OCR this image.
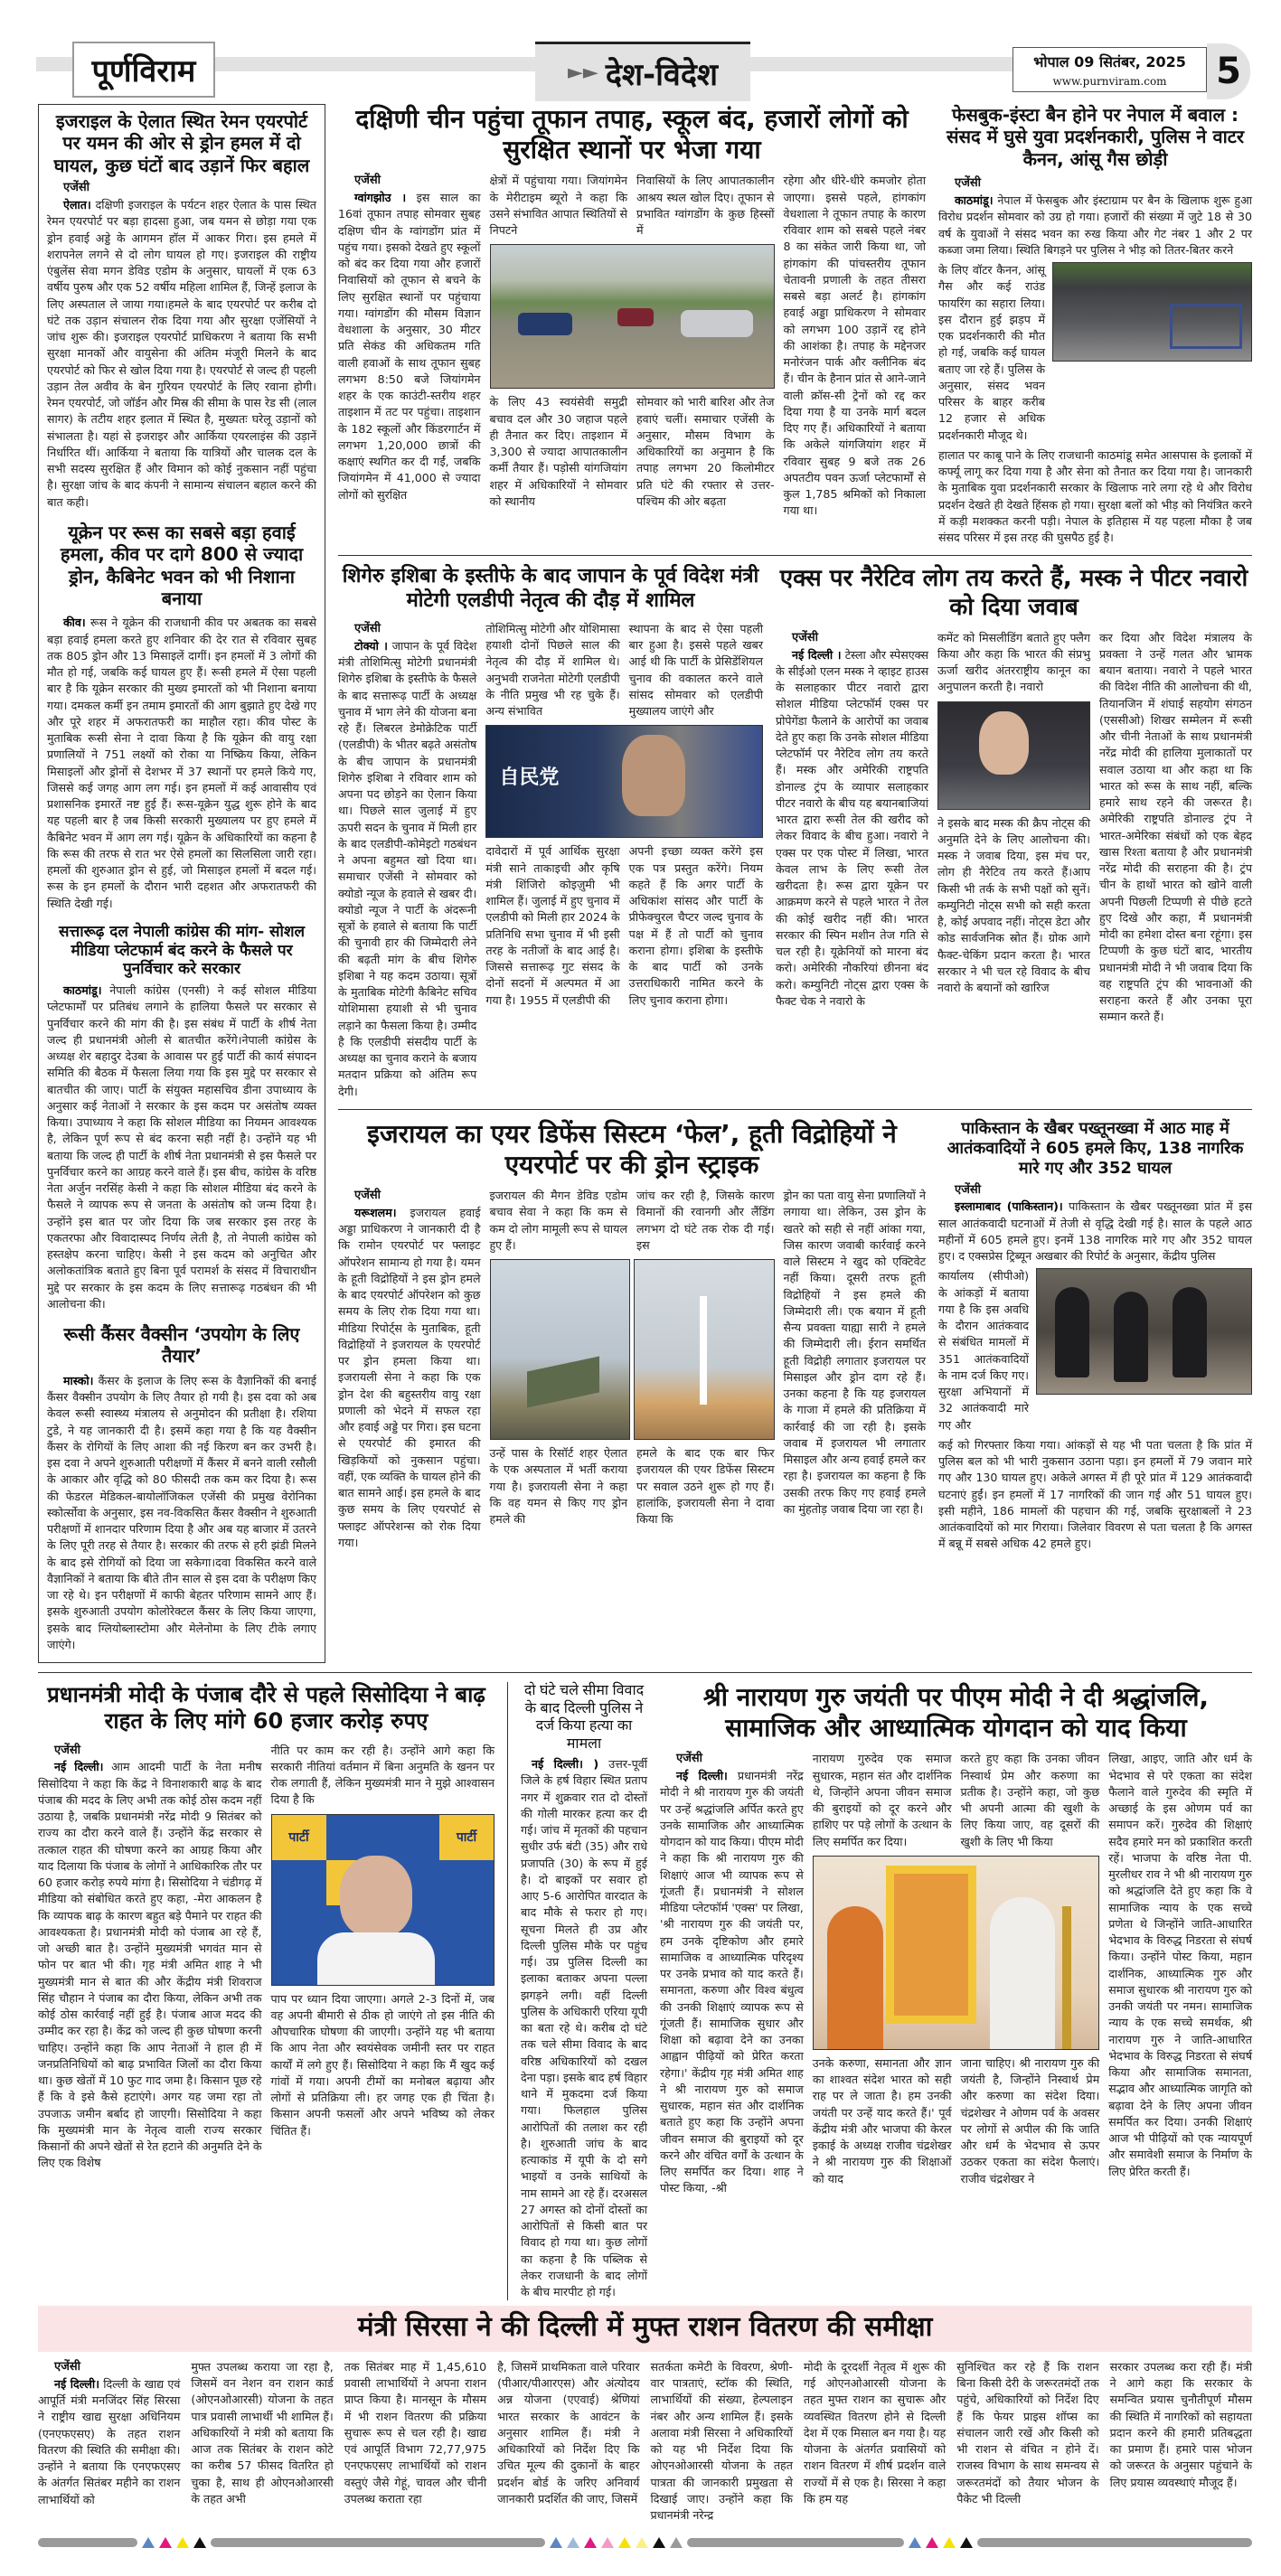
पूर्णविराम	►► देश-विदेश	भोपाल 09 सितंबर, 2025
www.purnviram.com	5
इजराइल के ऐलात स्थित रेमन एयरपोर्ट पर यमन की ओर से ड्रोन हमल में दो घायल, कुछ घंटों बाद उड़ानें फिर बहाल
एजेंसी

ऐलात। दक्षिणी इजराइल के पर्यटन शहर ऐलात के पास स्थित रेमन एयरपोर्ट पर बड़ा हादसा हुआ, जब यमन से छोड़ा गया एक ड्रोन हवाई अड्डे के आगमन हॉल में आकर गिरा। इस हमले में शरापनेल लगने से दो लोग घायल हो गए। इजराइल की राष्ट्रीय एंबुलेंस सेवा मगन डेविड एडोम के अनुसार, घायलों में एक 63 वर्षीय पुरुष और एक 52 वर्षीय महिला शामिल हैं, जिन्हें इलाज के लिए अस्पताल ले जाया गया।हमले के बाद एयरपोर्ट पर करीब दो घंटे तक उड़ान संचालन रोक दिया गया और सुरक्षा एजेंसियों ने जांच शुरू की। इजराइल एयरपोर्ट प्राधिकरण ने बताया कि सभी सुरक्षा मानकों और वायुसेना की अंतिम मंजूरी मिलने के बाद एयरपोर्ट को फिर से खोल दिया गया है। एयरपोर्ट से जल्द ही पहली उड़ान तेल अवीव के बेन गुरियन एयरपोर्ट के लिए रवाना होगी। रेमन एयरपोर्ट, जो जॉर्डन और मिस्र की सीमा के पास रेड सी (लाल सागर) के तटीय शहर इलात में स्थित है, मुख्यतः घरेलू उड़ानों को संभालता है। यहां से इजराइर और आर्किया एयरलाइंस की उड़ानें निर्धारित थीं। आर्किया ने बताया कि यात्रियों और चालक दल के सभी सदस्य सुरक्षित हैं और विमान को कोई नुकसान नहीं पहुंचा है। सुरक्षा जांच के बाद कंपनी ने सामान्य संचालन बहाल करने की बात कही।

यूक्रेन पर रूस का सबसे बड़ा हवाई हमला, कीव पर दागे 800 से ज्यादा ड्रोन, कैबिनेट भवन को भी निशाना बनाया

कीव। रूस ने यूक्रेन की राजधानी कीव पर अबतक का सबसे बड़ा हवाई हमला करते हुए शनिवार की देर रात से रविवार सुबह तक 805 ड्रोन और 13 मिसाइलें दागीं। इन हमलों में 3 लोगों की मौत हो गई, जबकि कई घायल हुए हैं। रूसी हमले में ऐसा पहली बार है कि यूक्रेन सरकार की मुख्य इमारतों को भी निशाना बनाया गया। दमकल कर्मी इन तमाम इमारतों की आग बुझाते हुए देखे गए और पूरे शहर में अफरातफरी का माहौल रहा। कीव पोस्ट के मुताबिक रूसी सेना ने दावा किया है कि यूक्रेन की वायु रक्षा प्रणालियों ने 751 लक्ष्यों को रोका या निष्क्रिय किया, लेकिन मिसाइलों और ड्रोनों से देशभर में 37 स्थानों पर हमले किये गए, जिससे कई जगह आग लग गई। इन हमलों में कई आवासीय एवं प्रशासनिक इमारतें नष्ट हुई हैं। रूस-यूक्रेन युद्ध शुरू होने के बाद यह पहली बार है जब किसी सरकारी मुख्यालय पर हुए हमले में कैबिनेट भवन में आग लग गई। यूक्रेन के अधिकारियों का कहना है कि रूस की तरफ से रात भर ऐसे हमलों का सिलसिला जारी रहा। हमलों की शुरुआत ड्रोन से हुई, जो मिसाइल हमलों में बदल गई। रूस के इन हमलों के दौरान भारी दहशत और अफरातफरी की स्थिति देखी गई।

सत्तारूढ़ दल नेपाली कांग्रेस की मांग- सोशल मीडिया प्लेटफार्म बंद करने के फैसले पर पुनर्विचार करे सरकार

काठमांडू। नेपाली कांग्रेस (एनसी) ने कई सोशल मीडिया प्लेटफार्मों पर प्रतिबंध लगाने के हालिया फैसले पर सरकार से पुनर्विचार करने की मांग की है। इस संबंध में पार्टी के शीर्ष नेता जल्द ही प्रधानमंत्री ओली से बातचीत करेंगे।नेपाली कांग्रेस के अध्यक्ष शेर बहादुर देउबा के आवास पर हुई पार्टी की कार्य संपादन समिति की बैठक में फैसला लिया गया कि इस मुद्दे पर सरकार से बातचीत की जाए। पार्टी के संयुक्त महासचिव डीना उपाध्याय के अनुसार कई नेताओं ने सरकार के इस कदम पर असंतोष व्यक्त किया। उपाध्याय ने कहा कि सोशल मीडिया का नियमन आवश्यक है, लेकिन पूर्ण रूप से बंद करना सही नहीं है। उन्होंने यह भी बताया कि जल्द ही पार्टी के शीर्ष नेता प्रधानमंत्री से इस फैसले पर पुनर्विचार करने का आग्रह करने वाले हैं। इस बीच, कांग्रेस के वरिष्ठ नेता अर्जुन नरसिंह केसी ने कहा कि सोशल मीडिया बंद करने के फैसले ने व्यापक रूप से जनता के असंतोष को जन्म दिया है। उन्होंने इस बात पर जोर दिया कि जब सरकार इस तरह के एकतरफा और विवादास्पद निर्णय लेती है, तो नेपाली कांग्रेस को हस्तक्षेप करना चाहिए। केसी ने इस कदम को अनुचित और अलोकतांत्रिक बताते हुए बिना पूर्व परामर्श के संसद में विचाराधीन मुद्दे पर सरकार के इस कदम के लिए सत्तारूढ़ गठबंधन की भी आलोचना की।

रूसी कैंसर वैक्सीन ‘उपयोग के लिए तैयार’

मास्को। कैंसर के इलाज के लिए रूस के वैज्ञानिकों की बनाई कैंसर वैक्सीन उपयोग के लिए तैयार हो गयी है। इस दवा को अब केवल रूसी स्वास्थ्य मंत्रालय से अनुमोदन की प्रतीक्षा है। रशिया टुडे, ने यह जानकारी दी है। इसमें कहा गया है कि यह वैक्सीन कैंसर के रोगियों के लिए आशा की नई किरण बन कर उभरी है। इस दवा ने अपने शुरुआती परीक्षणों में कैंसर में बनने वाली रसौली के आकार और वृद्धि को 80 फीसदी तक कम कर दिया है। रूस की फेडरल मेडिकल-बायोलॉजिकल एजेंसी की प्रमुख वेरोनिका स्कोर्त्सोवा के अनुसार, इस नव-विकसित कैंसर वैक्सीन ने शुरुआती परीक्षणों में शानदार परिणाम दिया है और अब यह बाजार में उतरने के लिए पूरी तरह से तैयार है। सरकार की तरफ से हरी झंडी मिलने के बाद इसे रोगियों को दिया जा सकेगा।दवा विकसित करने वाले वैज्ञानिकों ने बताया कि बीते तीन साल से इस दवा के परीक्षण किए जा रहे थे। इन परीक्षणों में काफी बेहतर परिणाम सामने आए हैं। इसके शुरुआती उपयोग कोलोरेक्टल कैंसर के लिए किया जाएगा, इसके बाद ग्लियोब्लास्टोमा और मेलेनोमा के लिए टीके लगाए जाएंगे।

दक्षिणी चीन पहुंचा तूफान तपाह, स्कूल बंद, हजारों लोगों को सुरक्षित स्थानों पर भेजा गया
एजेंसी

ग्वांगझोउ । इस साल का 16वां तूफान तपाह सोमवार सुबह दक्षिण चीन के ग्वांगडोंग प्रांत में पहुंच गया। इसको देखते हुए स्कूलों को बंद कर दिया गया और हजारों निवासियों को तूफान से बचने के लिए सुरक्षित स्थानों पर पहुंचाया गया। ग्वांगडोंग की मौसम विज्ञान वेधशाला के अनुसार, 30 मीटर प्रति सेकंड की अधिकतम गति वाली हवाओं के साथ तूफान सुबह लगभग 8:50 बजे जियांगमेन शहर के एक काउंटी-स्तरीय शहर ताइशान में तट पर पहुंचा। ताइशान के 182 स्कूलों और किंडरगार्टन में लगभग 1,20,000 छात्रों की कक्षाएं स्थगित कर दी गईं, जबकि जियांगमेन में 41,000 से ज्यादा लोगों को सुरक्षित

क्षेत्रों में पहुंचाया गया। जियांगमेन के मेरीटाइम ब्यूरो ने कहा कि उसने संभावित आपात स्थितियों से निपटने
निवासियों के लिए आपातकालीन आश्रय स्थल खोल दिए। तूफान से प्रभावित ग्वांगडोंग के कुछ हिस्सों में
के लिए 43 स्वयंसेवी समुद्री बचाव दल और 30 जहाज पहले ही तैनात कर दिए। ताइशान में 3,300 से ज्यादा आपातकालीन कर्मी तैयार हैं। पड़ोसी यांगजियांग शहर में अधिकारियों ने सोमवार को स्थानीय
सोमवार को भारी बारिश और तेज हवाएं चलीं। समाचार एजेंसी के अनुसार, मौसम विभाग के अधिकारियों का अनुमान है कि तपाह लगभग 20 किलोमीटर प्रति घंटे की रफ्तार से उत्तर-पश्चिम की ओर बढ़ता
रहेगा और धीरे-धीरे कमजोर होता जाएगा। इससे पहले, हांगकांग वेधशाला ने तूफान तपाह के कारण रविवार शाम को सबसे पहले नंबर 8 का संकेत जारी किया था, जो हांगकांग की पांचस्तरीय तूफान चेतावनी प्रणाली के तहत तीसरा सबसे बड़ा अलर्ट है। हांगकांग हवाई अड्डा प्राधिकरण ने सोमवार को लगभग 100 उड़ानें रद्द होने की आशंका है। तपाह के मद्देनजर मनोरंजन पार्क और क्लीनिक बंद हैं। चीन के हैनान प्रांत से आने-जाने वाली क्रॉस-सी ट्रेनों को रद्द कर दिया गया है या उनके मार्ग बदल दिए गए हैं। अधिकारियों ने बताया कि अकेले यांगजियांग शहर में रविवार सुबह 9 बजे तक 26 अपतटीय पवन ऊर्जा प्लेटफार्मों से कुल 1,785 श्रमिकों को निकाला गया था।
फेसबुक-इंस्टा बैन होने पर नेपाल में बवाल : संसद में घुसे युवा प्रदर्शनकारी, पुलिस ने वाटर कैनन, आंसू गैस छोड़ी
एजेंसी

काठमांडू। नेपाल में फेसबुक और इंस्टाग्राम पर बैन के खिलाफ शुरू हुआ विरोध प्रदर्शन सोमवार को उग्र हो गया। हजारों की संख्या में जुटे 18 से 30 वर्ष के युवाओं ने संसद भवन का रुख किया और गेट नंबर 1 और 2 पर कब्जा जमा लिया। स्थिति बिगड़ने पर पुलिस ने भीड़ को तितर-बितर करने

के लिए वॉटर कैनन, आंसू गैस और कई राउंड फायरिंग का सहारा लिया। इस दौरान हुई झड़प में एक प्रदर्शनकारी की मौत हो गई, जबकि कई घायल बताए जा रहे हैं। पुलिस के अनुसार, संसद भवन परिसर के बाहर करीब 12 हजार से अधिक प्रदर्शनकारी मौजूद थे।
हालात पर काबू पाने के लिए राजधानी काठमांडू समेत आसपास के इलाकों में कर्फ्यू लागू कर दिया गया है और सेना को तैनात कर दिया गया है। जानकारी के मुताबिक युवा प्रदर्शनकारी सरकार के खिलाफ नारे लगा रहे थे और विरोध प्रदर्शन देखते ही देखते हिंसक हो गया। सुरक्षा बलों को भीड़ को नियंत्रित करने में कड़ी मशक्कत करनी पड़ी। नेपाल के इतिहास में यह पहला मौका है जब संसद परिसर में इस तरह की घुसपैठ हुई है।
शिगेरु इशिबा के इस्तीफे के बाद जापान के पूर्व विदेश मंत्री मोटेगी एलडीपी नेतृत्व की दौड़ में शामिल
एजेंसी

टोक्यो । जापान के पूर्व विदेश मंत्री तोशिमित्सु मोटेगी प्रधानमंत्री शिगेरु इशिबा के इस्तीफे के फैसले के बाद सत्तारूढ़ पार्टी के अध्यक्ष चुनाव में भाग लेने की योजना बना रहे हैं। लिबरल डेमोक्रेटिक पार्टी (एलडीपी) के भीतर बढ़ते असंतोष के बीच जापान के प्रधानमंत्री शिगेरु इशिबा ने रविवार शाम को अपना पद छोड़ने का ऐलान किया था। पिछले साल जुलाई में हुए ऊपरी सदन के चुनाव में मिली हार के बाद एलडीपी-कोमेइटो गठबंधन ने अपना बहुमत खो दिया था। समाचार एजेंसी ने सोमवार को क्योडो न्यूज के हवाले से खबर दी। क्योडो न्यूज ने पार्टी के अंदरूनी सूत्रों के हवाले से बताया कि पार्टी की चुनावी हार की जिम्मेदारी लेने की बढ़ती मांग के बीच शिगेरु इशिबा ने यह कदम उठाया। सूत्रों के मुताबिक मोटेगी कैबिनेट सचिव योशिमासा हयाशी से भी चुनाव लड़ाने का फैसला किया है। उम्मीद है कि एलडीपी संसदीय पार्टी के अध्यक्ष का चुनाव कराने के बजाय मतदान प्रक्रिया को अंतिम रूप देगी।

तोशिमित्सु मोटेगी और योशिमासा हयाशी दोनों पिछले साल की नेतृत्व की दौड़ में शामिल थे। अनुभवी राजनेता मोटेगी एलडीपी के नीति प्रमुख भी रह चुके हैं। अन्य संभावित
स्थापना के बाद से ऐसा पहली बार हुआ है। इससे पहले खबर आई थी कि पार्टी के प्रेसिडेंशियल चुनाव की वकालत करने वाले सांसद सोमवार को एलडीपी मुख्यालय जाएंगे और
自民党
दावेदारों में पूर्व आर्थिक सुरक्षा मंत्री साने ताकाइची और कृषि मंत्री शिंजिरो कोइज़ुमी भी शामिल हैं। जुलाई में हुए चुनाव में एलडीपी को मिली हार 2024 के प्रतिनिधि सभा चुनाव में भी इसी तरह के नतीजों के बाद आई है। जिससे सत्तारूढ़ गुट संसद के दोनों सदनों में अल्पमत में आ गया है। 1955 में एलडीपी की
अपनी इच्छा व्यक्त करेंगे इस एक पत्र प्रस्तुत करेंगे। नियम कहते हैं कि अगर पार्टी के अधिकांश सांसद और पार्टी के प्रीफेक्चुरल चैप्टर जल्द चुनाव के पक्ष में हैं तो पार्टी को चुनाव कराना होगा। इशिबा के इस्तीफे के बाद पार्टी को उनके उत्तराधिकारी नामित करने के लिए चुनाव कराना होगा।
एक्स पर नैरेटिव लोग तय करते हैं, मस्क ने पीटर नवारो को दिया जवाब
एजेंसी

नई दिल्ली । टेस्ला और स्पेसएक्स के सीईओ एलन मस्क ने व्हाइट हाउस के सलाहकार पीटर नवारो द्वारा सोशल मीडिया प्लेटफॉर्म एक्स पर प्रोपेगेंडा फैलाने के आरोपों का जवाब देते हुए कहा कि उनके सोशल मीडिया प्लेटफॉर्म पर नैरेटिव लोग तय करते हैं। मस्क और अमेरिकी राष्ट्रपति डोनाल्ड ट्रंप के व्यापार सलाहकार पीटर नवारो के बीच यह बयानबाजियां भारत द्वारा रूसी तेल की खरीद को लेकर विवाद के बीच हुआ। नवारो ने एक्स पर एक पोस्ट में लिखा, भारत केवल लाभ के लिए रूसी तेल खरीदता है। रूस द्वारा यूक्रेन पर आक्रमण करने से पहले भारत ने तेल की कोई खरीद नहीं की। भारत सरकार की स्पिन मशीन तेज गति से चल रही है। यूक्रेनियों को मारना बंद करो। अमेरिकी नौकरियां छीनना बंद करो। कम्युनिटी नोट्स द्वारा एक्स के फैक्ट चेक ने नवारो के

कमेंट को मिसलीडिंग बताते हुए फ्लैग किया और कहा कि भारत की संप्रभु ऊर्जा खरीद अंतरराष्ट्रीय कानून का अनुपालन करती है। नवारो
ने इसके बाद मस्क की क्रैप नोट्स की अनुमति देने के लिए आलोचना की।मस्क ने जवाब दिया, इस मंच पर, लोग ही नैरेटिव तय करते हैं।आप किसी भी तर्क के सभी पक्षों को सुनें। कम्युनिटी नोट्स सभी को सही करता है, कोई अपवाद नहीं। नोट्स डेटा और कोड सार्वजनिक स्रोत हैं। ग्रोक आगे फैक्ट-चेकिंग प्रदान करता है। भारत सरकार ने भी चल रहे विवाद के बीच नवारो के बयानों को खारिज
कर दिया और विदेश मंत्रालय के प्रवक्ता ने उन्हें गलत और भ्रामक बयान बताया। नवारो ने पहले भारत की विदेश नीति की आलोचना की थी, तियानजिन में शंघाई सहयोग संगठन (एससीओ) शिखर सम्मेलन में रूसी और चीनी नेताओं के साथ प्रधानमंत्री नरेंद्र मोदी की हालिया मुलाकातों पर सवाल उठाया था और कहा था कि भारत को रूस के साथ नहीं, बल्कि हमारे साथ रहने की जरूरत है। अमेरिकी राष्ट्रपति डोनाल्ड ट्रंप ने भारत-अमेरिका संबंधों को एक बेहद खास रिश्ता बताया है और प्रधानमंत्री नरेंद्र मोदी की सराहना की है। ट्रंप चीन के हाथों भारत को खोने वाली अपनी पिछली टिप्पणी से पीछे हटते हुए दिखे और कहा, मैं प्रधानमंत्री मोदी का हमेशा दोस्त बना रहूंगा। इस टिप्पणी के कुछ घंटों बाद, भारतीय प्रधानमंत्री मोदी ने भी जवाब दिया कि वह राष्ट्रपति ट्रंप की भावनाओं की सराहना करते हैं और उनका पूरा सम्मान करते हैं।
इजरायल का एयर डिफेंस सिस्टम ‘फेल’, हूती विद्रोहियों ने एयरपोर्ट पर की ड्रोन स्ट्राइक
एजेंसी

यरूशलम। इजरायल हवाई अड्डा प्राधिकरण ने जानकारी दी है कि रामोन एयरपोर्ट पर फ्लाइट ऑपरेशन सामान्य हो गया है। यमन के हूती विद्रोहियों ने इस ड्रोन हमले के बाद एयरपोर्ट ऑपरेशन को कुछ समय के लिए रोक दिया गया था। मीडिया रिपोर्ट्स के मुताबिक, हूती विद्रोहियों ने इजरायल के एयरपोर्ट पर ड्रोन हमला किया था। इजरायली सेना ने कहा कि एक ड्रोन देश की बहुस्तरीय वायु रक्षा प्रणाली को भेदने में सफल रहा और हवाई अड्डे पर गिरा। इस घटना से एयरपोर्ट की इमारत की खिड़कियों को नुकसान पहुंचा। वहीं, एक व्यक्ति के घायल होने की बात सामने आई। इस हमले के बाद कुछ समय के लिए एयरपोर्ट से फ्लाइट ऑपरेशन्स को रोक दिया गया।

इजरायल की मैगन डेविड एडोम बचाव सेवा ने कहा कि कम से कम दो लोग मामूली रूप से घायल हुए हैं।
जांच कर रही है, जिसके कारण विमानों की रवानगी और लैंडिंग लगभग दो घंटे तक रोक दी गई। इस
उन्हें पास के रिसॉर्ट शहर ऐलात के एक अस्पताल में भर्ती कराया गया है। इजरायली सेना ने कहा कि वह यमन से किए गए ड्रोन हमले की
हमले के बाद एक बार फिर इजरायल की एयर डिफेंस सिस्टम पर सवाल उठने शुरू हो गए हैं। हालांकि, इजरायली सेना ने दावा किया कि
ड्रोन का पता वायु सेना प्रणालियों ने लगाया था। लेकिन, उस ड्रोन के खतरे को सही से नहीं आंका गया, जिस कारण जवाबी कार्रवाई करने वाले सिस्टम ने खुद को एक्टिवेट नहीं किया। दूसरी तरफ हूती विद्रोहियों ने इस हमले की जिम्मेदारी ली। एक बयान में हूती सैन्य प्रवक्ता याह्या सारी ने हमले की जिम्मेदारी ली। ईरान समर्थित हूती विद्रोही लगातार इजरायल पर मिसाइल और ड्रोन दाग रहे हैं। उनका कहना है कि यह इजरायल के गाजा में हमले की प्रतिक्रिया में कार्रवाई की जा रही है। इसके जवाब में इजरायल भी लगातार मिसाइल और अन्य हवाई हमले कर रहा है। इजरायल का कहना है कि उसकी तरफ किए गए हवाई हमले का मुंहतोड़ जवाब दिया जा रहा है।
पाकिस्तान के खैबर पख्तूनख्वा में आठ माह में आतंकवादियों ने 605 हमले किए, 138 नागरिक मारे गए और 352 घायल
एजेंसी

इस्लामाबाद (पाकिस्तान)। पाकिस्तान के खैबर पख्तूनख्वा प्रांत में इस साल आतंकवादी घटनाओं में तेजी से वृद्धि देखी गई है। साल के पहले आठ महीनों में 605 हमले हुए। इनमें 138 नागरिक मारे गए और 352 घायल हुए। द एक्सप्रेस ट्रिब्यून अखबार की रिपोर्ट के अनुसार, केंद्रीय पुलिस

कार्यालय (सीपीओ) के आंकड़ों में बताया गया है कि इस अवधि के दौरान आतंकवाद से संबंधित मामलों में 351 आतंकवादियों के नाम दर्ज किए गए। सुरक्षा अभियानों में 32 आतंकवादी मारे गए और
कई को गिरफ्तार किया गया। आंकड़ों से यह भी पता चलता है कि प्रांत में पुलिस बल को भी भारी नुकसान उठाना पड़ा। इन हमलों में 79 जवान मारे गए और 130 घायल हुए। अकेले अगस्त में ही पूरे प्रांत में 129 आतंकवादी घटनाएं हुईं। इन हमलों में 17 नागरिकों की जान गई और 51 घायल हुए। इसी महीने, 186 मामलों की पहचान की गई, जबकि सुरक्षाबलों ने 23 आतंकवादियों को मार गिराया। जिलेवार विवरण से पता चलता है कि अगस्त में बन्नू में सबसे अधिक 42 हमले हुए।
प्रधानमंत्री मोदी के पंजाब दौरे से पहले सिसोदिया ने बाढ़ राहत के लिए मांगे 60 हजार करोड़ रुपए
एजेंसी

नई दिल्ली। आम आदमी पार्टी के नेता मनीष सिसोदिया ने कहा कि केंद्र ने विनाशकारी बाढ़ के बाद पंजाब की मदद के लिए अभी तक कोई ठोस कदम नहीं उठाया है, जबकि प्रधानमंत्री नरेंद्र मोदी 9 सितंबर को राज्य का दौरा करने वाले हैं। उन्होंने केंद्र सरकार से तत्काल राहत की घोषणा करने का आग्रह किया और याद दिलाया कि पंजाब के लोगों ने आधिकारिक तौर पर 60 हजार करोड़ रुपये मांगा है। सिसोदिया ने चंडीगढ़ में मीडिया को संबोधित करते हुए कहा, -मेरा आकलन है कि व्यापक बाढ़ के कारण बहुत बड़े पैमाने पर राहत की आवश्यकता है। प्रधानमंत्री मोदी को पंजाब आ रहे हैं, जो अच्छी बात है। उन्होंने मुख्यमंत्री भगवंत मान से फोन पर बात भी की। गृह मंत्री अमित शाह ने भी मुख्यमंत्री मान से बात की और केंद्रीय मंत्री शिवराज सिंह चौहान ने पंजाब का दौरा किया, लेकिन अभी तक कोई ठोस कार्रवाई नहीं हुई है। पंजाब आज मदद की उम्मीद कर रहा है। केंद्र को जल्द ही कुछ घोषणा करनी चाहिए। उन्होंने कहा कि आप नेताओं ने हाल ही में जनप्रतिनिधियों को बाढ़ प्रभावित जिलों का दौरा किया था। कुछ खेतों में 10 फुट गाद जमा है। किसान पूछ रहे हैं कि वे इसे कैसे हटाएंगे। अगर यह जमा रहा तो उपजाऊ जमीन बर्बाद हो जाएगी। सिसोदिया ने कहा कि मुख्यमंत्री मान के नेतृत्व वाली राज्य सरकार किसानों की अपने खेतों से रेत हटाने की अनुमति देने के लिए एक विशेष

नीति पर काम कर रही है। उन्होंने आगे कहा कि सरकारी नीतियां वर्तमान में बिना अनुमति के खनन पर रोक लगाती हैं, लेकिन मुख्यमंत्री मान ने मुझे आश्वासन दिया है कि
पार्टी	पार्टी
पाप पर ध्यान दिया जाएगा। अगले 2-3 दिनों में, जब वह अपनी बीमारी से ठीक हो जाएंगे तो इस नीति की औपचारिक घोषणा की जाएगी। उन्होंने यह भी बताया कि आप नेता और स्वयंसेवक जमीनी स्तर पर राहत कार्यों में लगे हुए हैं। सिसोदिया ने कहा कि मैं खुद कई गांवों में गया। अपनी टीमों का मनोबल बढ़ाया और लोगों से प्रतिक्रिया ली। हर जगह एक ही चिंता है। किसान अपनी फसलों और अपने भविष्य को लेकर चिंतित हैं।
दो घंटे चले सीमा विवाद के बाद दिल्ली पुलिस ने दर्ज किया हत्या का मामला

नई दिल्ली। ) उत्तर-पूर्वी जिले के हर्ष विहार स्थित प्रताप नगर में शुक्रवार रात दो दोस्तों की गोली मारकर हत्या कर दी गई। जांच में मृतकों की पहचान सुधीर उर्फ बंटी (35) और राधे प्रजापति (30) के रूप में हुई है। दो बाइकों पर सवार हो आए 5-6 आरोपित वारदात के बाद मौके से फरार हो गए। सूचना मिलते ही उप्र और दिल्ली पुलिस मौके पर पहुंच गई। उप्र पुलिस दिल्ली का इलाका बताकर अपना पल्ला झगड़ने लगी। वहीं दिल्ली पुलिस के अधिकारी एरिया यूपी का बता रहे थे। करीब दो घंटे तक चले सीमा विवाद के बाद वरिष्ठ अधिकारियों को दखल देना पड़ा। इसके बाद हर्ष विहार थाने में मुकदमा दर्ज किया गया। फिलहाल पुलिस आरोपितों की तलाश कर रही है। शुरुआती जांच के बाद हत्याकांड में यूपी के दो सगे भाइयों व उनके साथियों के नाम सामने आ रहे हैं। दरअसल 27 अगस्त को दोनों दोस्तों का आरोपितों से किसी बात पर विवाद हो गया था। कुछ लोगों का कहना है कि पब्लिक से लेकर राजधानी के बाद लोगों के बीच मारपीट हो गई।

श्री नारायण गुरु जयंती पर पीएम मोदी ने दी श्रद्धांजलि, सामाजिक और आध्यात्मिक योगदान को याद किया
एजेंसी

नई दिल्ली। प्रधानमंत्री नरेंद्र मोदी ने श्री नारायण गुरु की जयंती पर उन्हें श्रद्धांजलि अर्पित करते हुए उनके सामाजिक और आध्यात्मिक योगदान को याद किया। पीएम मोदी ने कहा कि श्री नारायण गुरु की शिक्षाएं आज भी व्यापक रूप से गूंजती हैं। प्रधानमंत्री ने सोशल मीडिया प्लेटफॉर्म 'एक्स' पर लिखा, 'श्री नारायण गुरु की जयंती पर, हम उनके दृष्टिकोण और हमारे सामाजिक व आध्यात्मिक परिदृश्य पर उनके प्रभाव को याद करते हैं। समानता, करुणा और विश्व बंधुत्व की उनकी शिक्षाएं व्यापक रूप से गूंजती हैं। सामाजिक सुधार और शिक्षा को बढ़ावा देने का उनका आह्वान पीढ़ियों को प्रेरित करता रहेगा।' केंद्रीय गृह मंत्री अमित शाह ने श्री नारायण गुरु को समाज सुधारक, महान संत और दार्शनिक बताते हुए कहा कि उन्होंने अपना जीवन समाज की बुराइयों को दूर करने और वंचित वर्गों के उत्थान के लिए समर्पित कर दिया। शाह ने पोस्ट किया, -श्री

नारायण गुरुदेव एक समाज सुधारक, महान संत और दार्शनिक थे, जिन्होंने अपना जीवन समाज की बुराइयों को दूर करने और हाशिए पर पड़े लोगों के उत्थान के लिए समर्पित कर दिया।
करते हुए कहा कि उनका जीवन निस्वार्थ प्रेम और करुणा का प्रतीक है। उन्होंने कहा, जो कुछ भी अपनी आत्मा की खुशी के लिए किया जाए, वह दूसरों की खुशी के लिए भी किया
उनके करुणा, समानता और ज्ञान का शाश्वत संदेश भारत को सही राह पर ले जाता है। हम उनकी जयंती पर उन्हें याद करते हैं।' पूर्व केंद्रीय मंत्री और भाजपा की केरल इकाई के अध्यक्ष राजीव चंद्रशेखर ने श्री नारायण गुरु की शिक्षाओं को याद
जाना चाहिए। श्री नारायण गुरु की जयंती है, जिन्होंने निस्वार्थ प्रेम और करुणा का संदेश दिया। चंद्रशेखर ने ओणम पर्व के अवसर पर लोगों से अपील की कि जाति और धर्म के भेदभाव से ऊपर उठकर एकता का संदेश फैलाएं। राजीव चंद्रशेखर ने
लिखा, आइए, जाति और धर्म के भेदभाव से परे एकता का संदेश फैलाने वाले गुरुदेव की स्मृति में अच्छाई के इस ओणम पर्व का समापन करें। गुरुदेव की शिक्षाएं सदैव हमारे मन को प्रकाशित करती रहें। भाजपा के वरिष्ठ नेता पी. मुरलीधर राव ने भी श्री नारायण गुरु को श्रद्धांजलि देते हुए कहा कि वे सामाजिक न्याय के एक सच्चे प्रणेता थे जिन्होंने जाति-आधारित भेदभाव के विरुद्ध निडरता से संघर्ष किया। उन्होंने पोस्ट किया, महान दार्शनिक, आध्यात्मिक गुरु और समाज सुधारक श्री नारायण गुरु को उनकी जयंती पर नमन। सामाजिक न्याय के एक सच्चे समर्थक, श्री नारायण गुरु ने जाति-आधारित भेदभाव के विरुद्ध निडरता से संघर्ष किया और सामाजिक समानता, सद्भाव और आध्यात्मिक जागृति को बढ़ावा देने के लिए अपना जीवन समर्पित कर दिया। उनकी शिक्षाएं आज भी पीढ़ियों को एक न्यायपूर्ण और समावेशी समाज के निर्माण के लिए प्रेरित करती हैं।
मंत्री सिरसा ने की दिल्ली में मुफ्त राशन वितरण की समीक्षा
एजेंसी

नई दिल्ली। दिल्ली के खाद्य एवं आपूर्ति मंत्री मनजिंदर सिंह सिरसा ने राष्ट्रीय खाद्य सुरक्षा अधिनियम (एनएफएसए) के तहत राशन वितरण की स्थिति की समीक्षा की। उन्होंने ने बताया कि एनएफएसए के अंतर्गत सितंबर महीने का राशन लाभार्थियों को

मुफ्त उपलब्ध कराया जा रहा है, जिसमें वन नेशन वन राशन कार्ड (ओएनओआरसी) योजना के तहत पात्र प्रवासी लाभार्थी भी शामिल हैं। अधिकारियों ने मंत्री को बताया कि आज तक सितंबर के राशन कोटे का करीब 57 फीसद वितरित हो चुका है, साथ ही ओएनओआरसी के तहत अभी
तक सितंबर माह में 1,45,610 प्रवासी लाभार्थियों ने अपना राशन प्राप्त किया है। मानसून के मौसम में भी राशन वितरण की प्रक्रिया सुचारू रूप से चल रही है। खाद्य एवं आपूर्ति विभाग 72,77,975 एनएफएसए लाभार्थियों को राशन वस्तुएं जैसे गेहूं, चावल और चीनी उपलब्ध कराता रहा
है, जिसमें प्राथमिकता वाले परिवार (पीआर/पीआरएस) और अंत्योदय अन्न योजना (एएवाई) श्रेणियां भारत सरकार के आवंटन के अनुसार शामिल हैं। मंत्री ने अधिकारियों को निर्देश दिए कि उचित मूल्य की दुकानों के बाहर प्रदर्शन बोर्ड के जरिए अनिवार्य जानकारी प्रदर्शित की जाए, जिसमें
सतर्कता कमेटी के विवरण, श्रेणी-वार पात्रताएं, स्टॉक की स्थिति, लाभार्थियों की संख्या, हेल्पलाइन नंबर और अन्य शामिल हैं। इसके अलावा मंत्री सिरसा ने अधिकारियों को यह भी निर्देश दिया कि ओएनओआरसी योजना के तहत पात्रता की जानकारी प्रमुखता से दिखाई जाए। उन्होंने कहा कि प्रधानमंत्री नरेन्द्र
मोदी के दूरदर्शी नेतृत्व में शुरू की गई ओएनओआरसी योजना के तहत मुफ्त राशन का सुचारू और व्यवस्थित वितरण होने से दिल्ली देश में एक मिसाल बन गया है। यह योजना के अंतर्गत प्रवासियों को राशन वितरण में शीर्ष प्रदर्शन वाले राज्यों में से एक है। सिरसा ने कहा कि हम यह
सुनिश्चित कर रहे हैं कि राशन बिना किसी देरी के जरूरतमंदों तक पहुंचे, अधिकारियों को निर्देश दिए हैं कि फेयर प्राइस शॉप्स का संचालन जारी रखें और किसी को भी राशन से वंचित न होने दें। राजस्व विभाग के साथ समन्वय से जरूरतमंदों को तैयार भोजन के पैकेट भी दिल्ली
सरकार उपलब्ध करा रही हैं। मंत्री ने आगे कहा कि सरकार के समन्वित प्रयास चुनौतीपूर्ण मौसम की स्थिति में नागरिकों को सहायता प्रदान करने की हमारी प्रतिबद्धता का प्रमाण हैं। हमारे पास भोजन को जरूरत के अनुसार पहुंचाने के लिए प्रयास व्यवस्थाएं मौजूद हैं।
